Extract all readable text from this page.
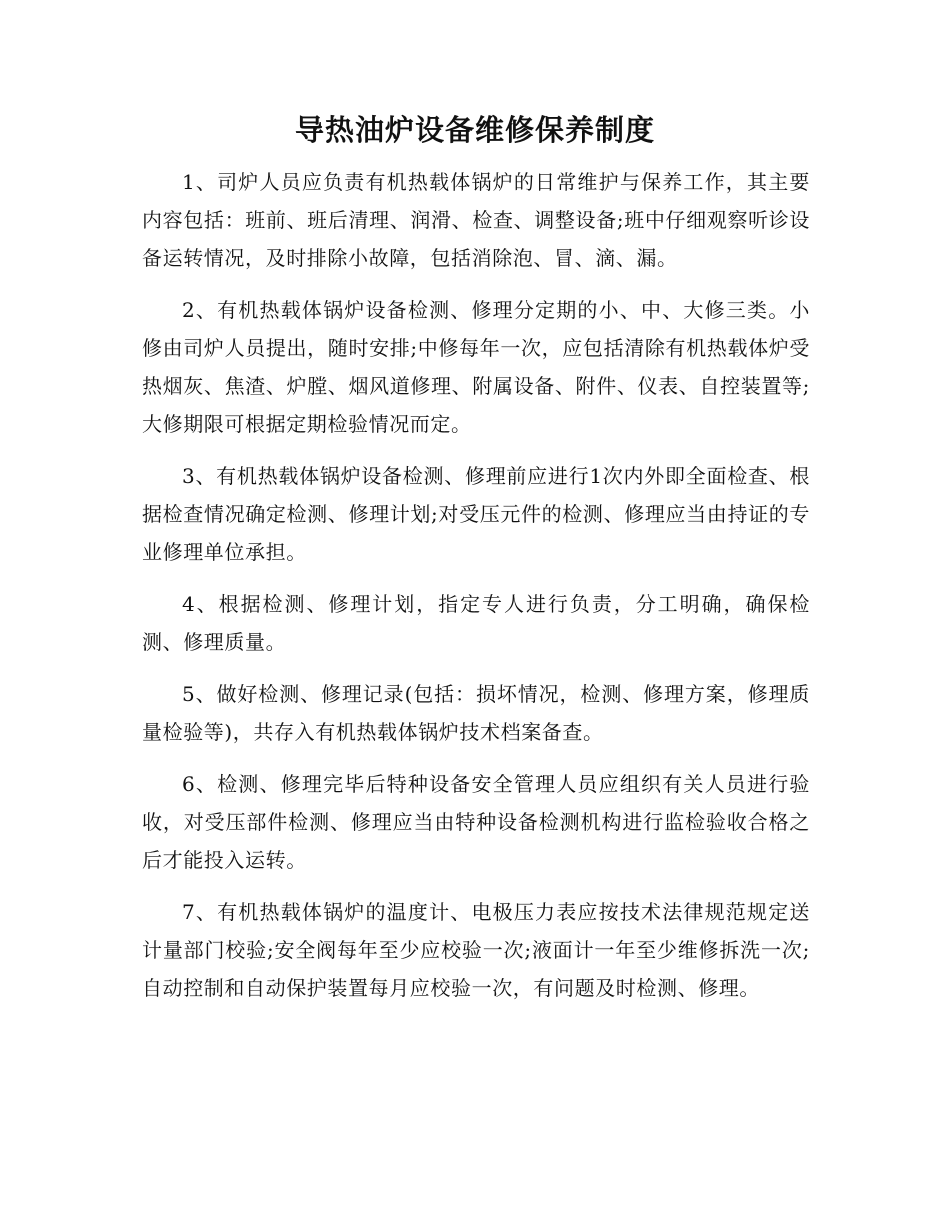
导热油炉设备维修保养制度

1、司炉人员应负责有机热载体锅炉的日常维护与保养工作，其主要内容包括：班前、班后清理、润滑、检查、调整设备;班中仔细观察听诊设备运转情况，及时排除小故障，包括消除泡、冒、滴、漏。

2、有机热载体锅炉设备检测、修理分定期的小、中、大修三类。小修由司炉人员提出，随时安排;中修每年一次，应包括清除有机热载体炉受热烟灰、焦渣、炉膛、烟风道修理、附属设备、附件、仪表、自控装置等;大修期限可根据定期检验情况而定。

3、有机热载体锅炉设备检测、修理前应进行1次内外即全面检查、根据检查情况确定检测、修理计划;对受压元件的检测、修理应当由持证的专业修理单位承担。

4、根据检测、修理计划，指定专人进行负责，分工明确，确保检测、修理质量。

5、做好检测、修理记录(包括：损坏情况，检测、修理方案，修理质量检验等)，共存入有机热载体锅炉技术档案备查。

6、检测、修理完毕后特种设备安全管理人员应组织有关人员进行验收，对受压部件检测、修理应当由特种设备检测机构进行监检验收合格之后才能投入运转。

7、有机热载体锅炉的温度计、电极压力表应按技术法律规范规定送计量部门校验;安全阀每年至少应校验一次;液面计一年至少维修拆洗一次;自动控制和自动保护装置每月应校验一次，有问题及时检测、修理。
